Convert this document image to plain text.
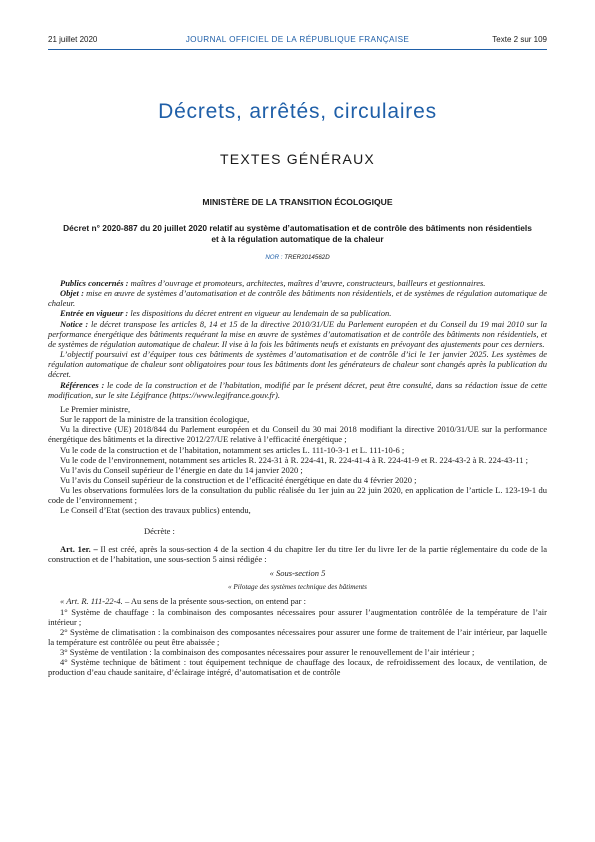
21 juillet 2020	JOURNAL OFFICIEL DE LA RÉPUBLIQUE FRANÇAISE	Texte 2 sur 109
Décrets, arrêtés, circulaires
TEXTES GÉNÉRAUX
MINISTÈRE DE LA TRANSITION ÉCOLOGIQUE
Décret n° 2020-887 du 20 juillet 2020 relatif au système d’automatisation et de contrôle des bâtiments non résidentiels et à la régulation automatique de la chaleur
NOR : TRER2014562D

Publics concernés : maîtres d’ouvrage et promoteurs, architectes, maîtres d’œuvre, constructeurs, bailleurs et gestionnaires.

Objet : mise en œuvre de systèmes d’automatisation et de contrôle des bâtiments non résidentiels, et de systèmes de régulation automatique de chaleur.

Entrée en vigueur : les dispositions du décret entrent en vigueur au lendemain de sa publication.

Notice : le décret transpose les articles 8, 14 et 15 de la directive 2010/31/UE du Parlement européen et du Conseil du 19 mai 2010 sur la performance énergétique des bâtiments requérant la mise en œuvre de systèmes d’automatisation et de contrôle des bâtiments non résidentiels, et de systèmes de régulation automatique de chaleur. Il vise à la fois les bâtiments neufs et existants en prévoyant des ajustements pour ces derniers.

L’objectif poursuivi est d’équiper tous ces bâtiments de systèmes d’automatisation et de contrôle d’ici le 1er janvier 2025. Les systèmes de régulation automatique de chaleur sont obligatoires pour tous les bâtiments dont les générateurs de chaleur sont changés après la publication du décret.

Références : le code de la construction et de l’habitation, modifié par le présent décret, peut être consulté, dans sa rédaction issue de cette modification, sur le site Légifrance (https://www.legifrance.gouv.fr).

Le Premier ministre,

Sur le rapport de la ministre de la transition écologique,

Vu la directive (UE) 2018/844 du Parlement européen et du Conseil du 30 mai 2018 modifiant la directive 2010/31/UE sur la performance énergétique des bâtiments et la directive 2012/27/UE relative à l’efficacité énergétique ;

Vu le code de la construction et de l’habitation, notamment ses articles L. 111-10-3-1 et L. 111-10-6 ;

Vu le code de l’environnement, notamment ses articles R. 224-31 à R. 224-41, R. 224-41-4 à R. 224-41-9 et R. 224-43-2 à R. 224-43-11 ;

Vu l’avis du Conseil supérieur de l’énergie en date du 14 janvier 2020 ;

Vu l’avis du Conseil supérieur de la construction et de l’efficacité énergétique en date du 4 février 2020 ;

Vu les observations formulées lors de la consultation du public réalisée du 1er juin au 22 juin 2020, en application de l’article L. 123-19-1 du code de l’environnement ;

Le Conseil d’Etat (section des travaux publics) entendu,

Décrète :

Art. 1er. – Il est créé, après la sous-section 4 de la section 4 du chapitre Ier du titre Ier du livre Ier de la partie réglementaire du code de la construction et de l’habitation, une sous-section 5 ainsi rédigée :

« Sous-section 5

« Pilotage des systèmes technique des bâtiments

« Art. R. 111-22-4. – Au sens de la présente sous-section, on entend par :

1° Système de chauffage : la combinaison des composantes nécessaires pour assurer l’augmentation contrôlée de la température de l’air intérieur ;

2° Système de climatisation : la combinaison des composantes nécessaires pour assurer une forme de traitement de l’air intérieur, par laquelle la température est contrôlée ou peut être abaissée ;

3° Système de ventilation : la combinaison des composantes nécessaires pour assurer le renouvellement de l’air intérieur ;

4° Système technique de bâtiment : tout équipement technique de chauffage des locaux, de refroidissement des locaux, de ventilation, de production d’eau chaude sanitaire, d’éclairage intégré, d’automatisation et de contrôle
